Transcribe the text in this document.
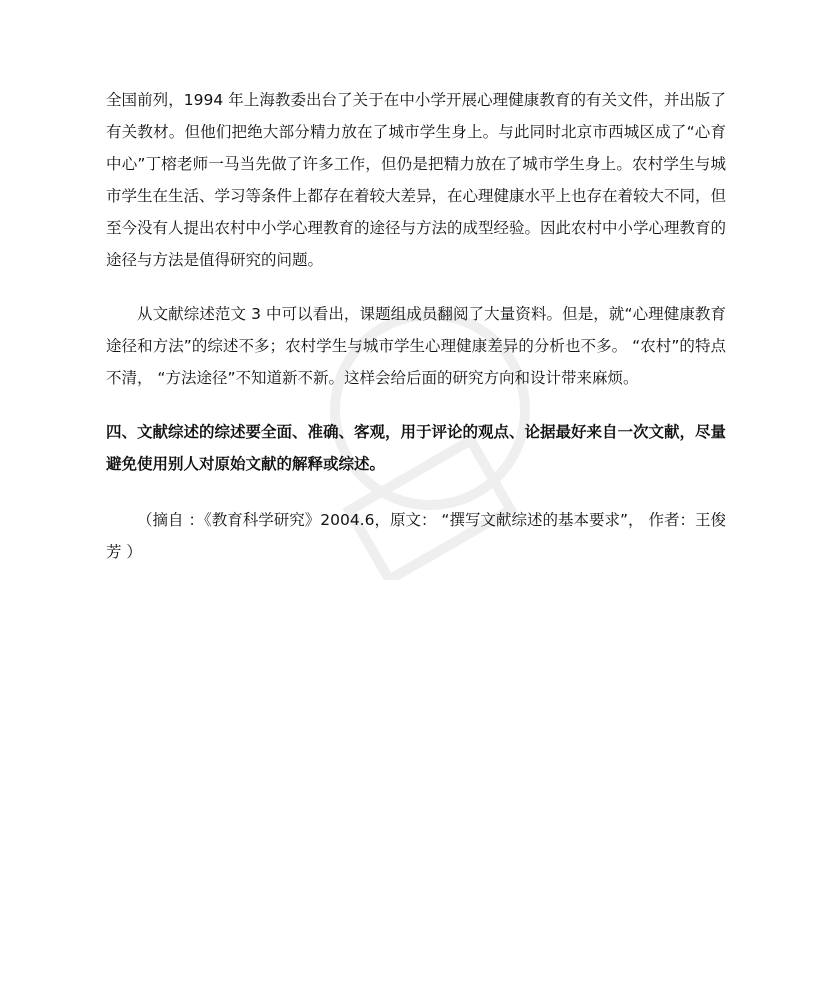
全国前列，1994 年上海教委出台了关于在中小学开展心理健康教育的有关文件，并出版了有关教材。但他们把绝大部分精力放在了城市学生身上。与此同时北京市西城区成了“心育中心”丁榕老师一马当先做了许多工作，但仍是把精力放在了城市学生身上。农村学生与城市学生在生活、学习等条件上都存在着较大差异，在心理健康水平上也存在着较大不同，但至今没有人提出农村中小学心理教育的途径与方法的成型经验。因此农村中小学心理教育的途径与方法是值得研究的问题。

从文献综述范文 3 中可以看出，课题组成员翻阅了大量资料。但是，就“心理健康教育途径和方法”的综述不多；农村学生与城市学生心理健康差异的分析也不多。 “农村”的特点不清， “方法途径”不知道新不新。这样会给后面的研究方向和设计带来麻烦。

四、文献综述的综述要全面、准确、客观，用于评论的观点、论据最好来自一次文献，尽量避免使用别人对原始文献的解释或综述。

（摘自 ：《教育科学研究》2004.6，原文： “撰写文献综述的基本要求”， 作者：王俊芳 ）
